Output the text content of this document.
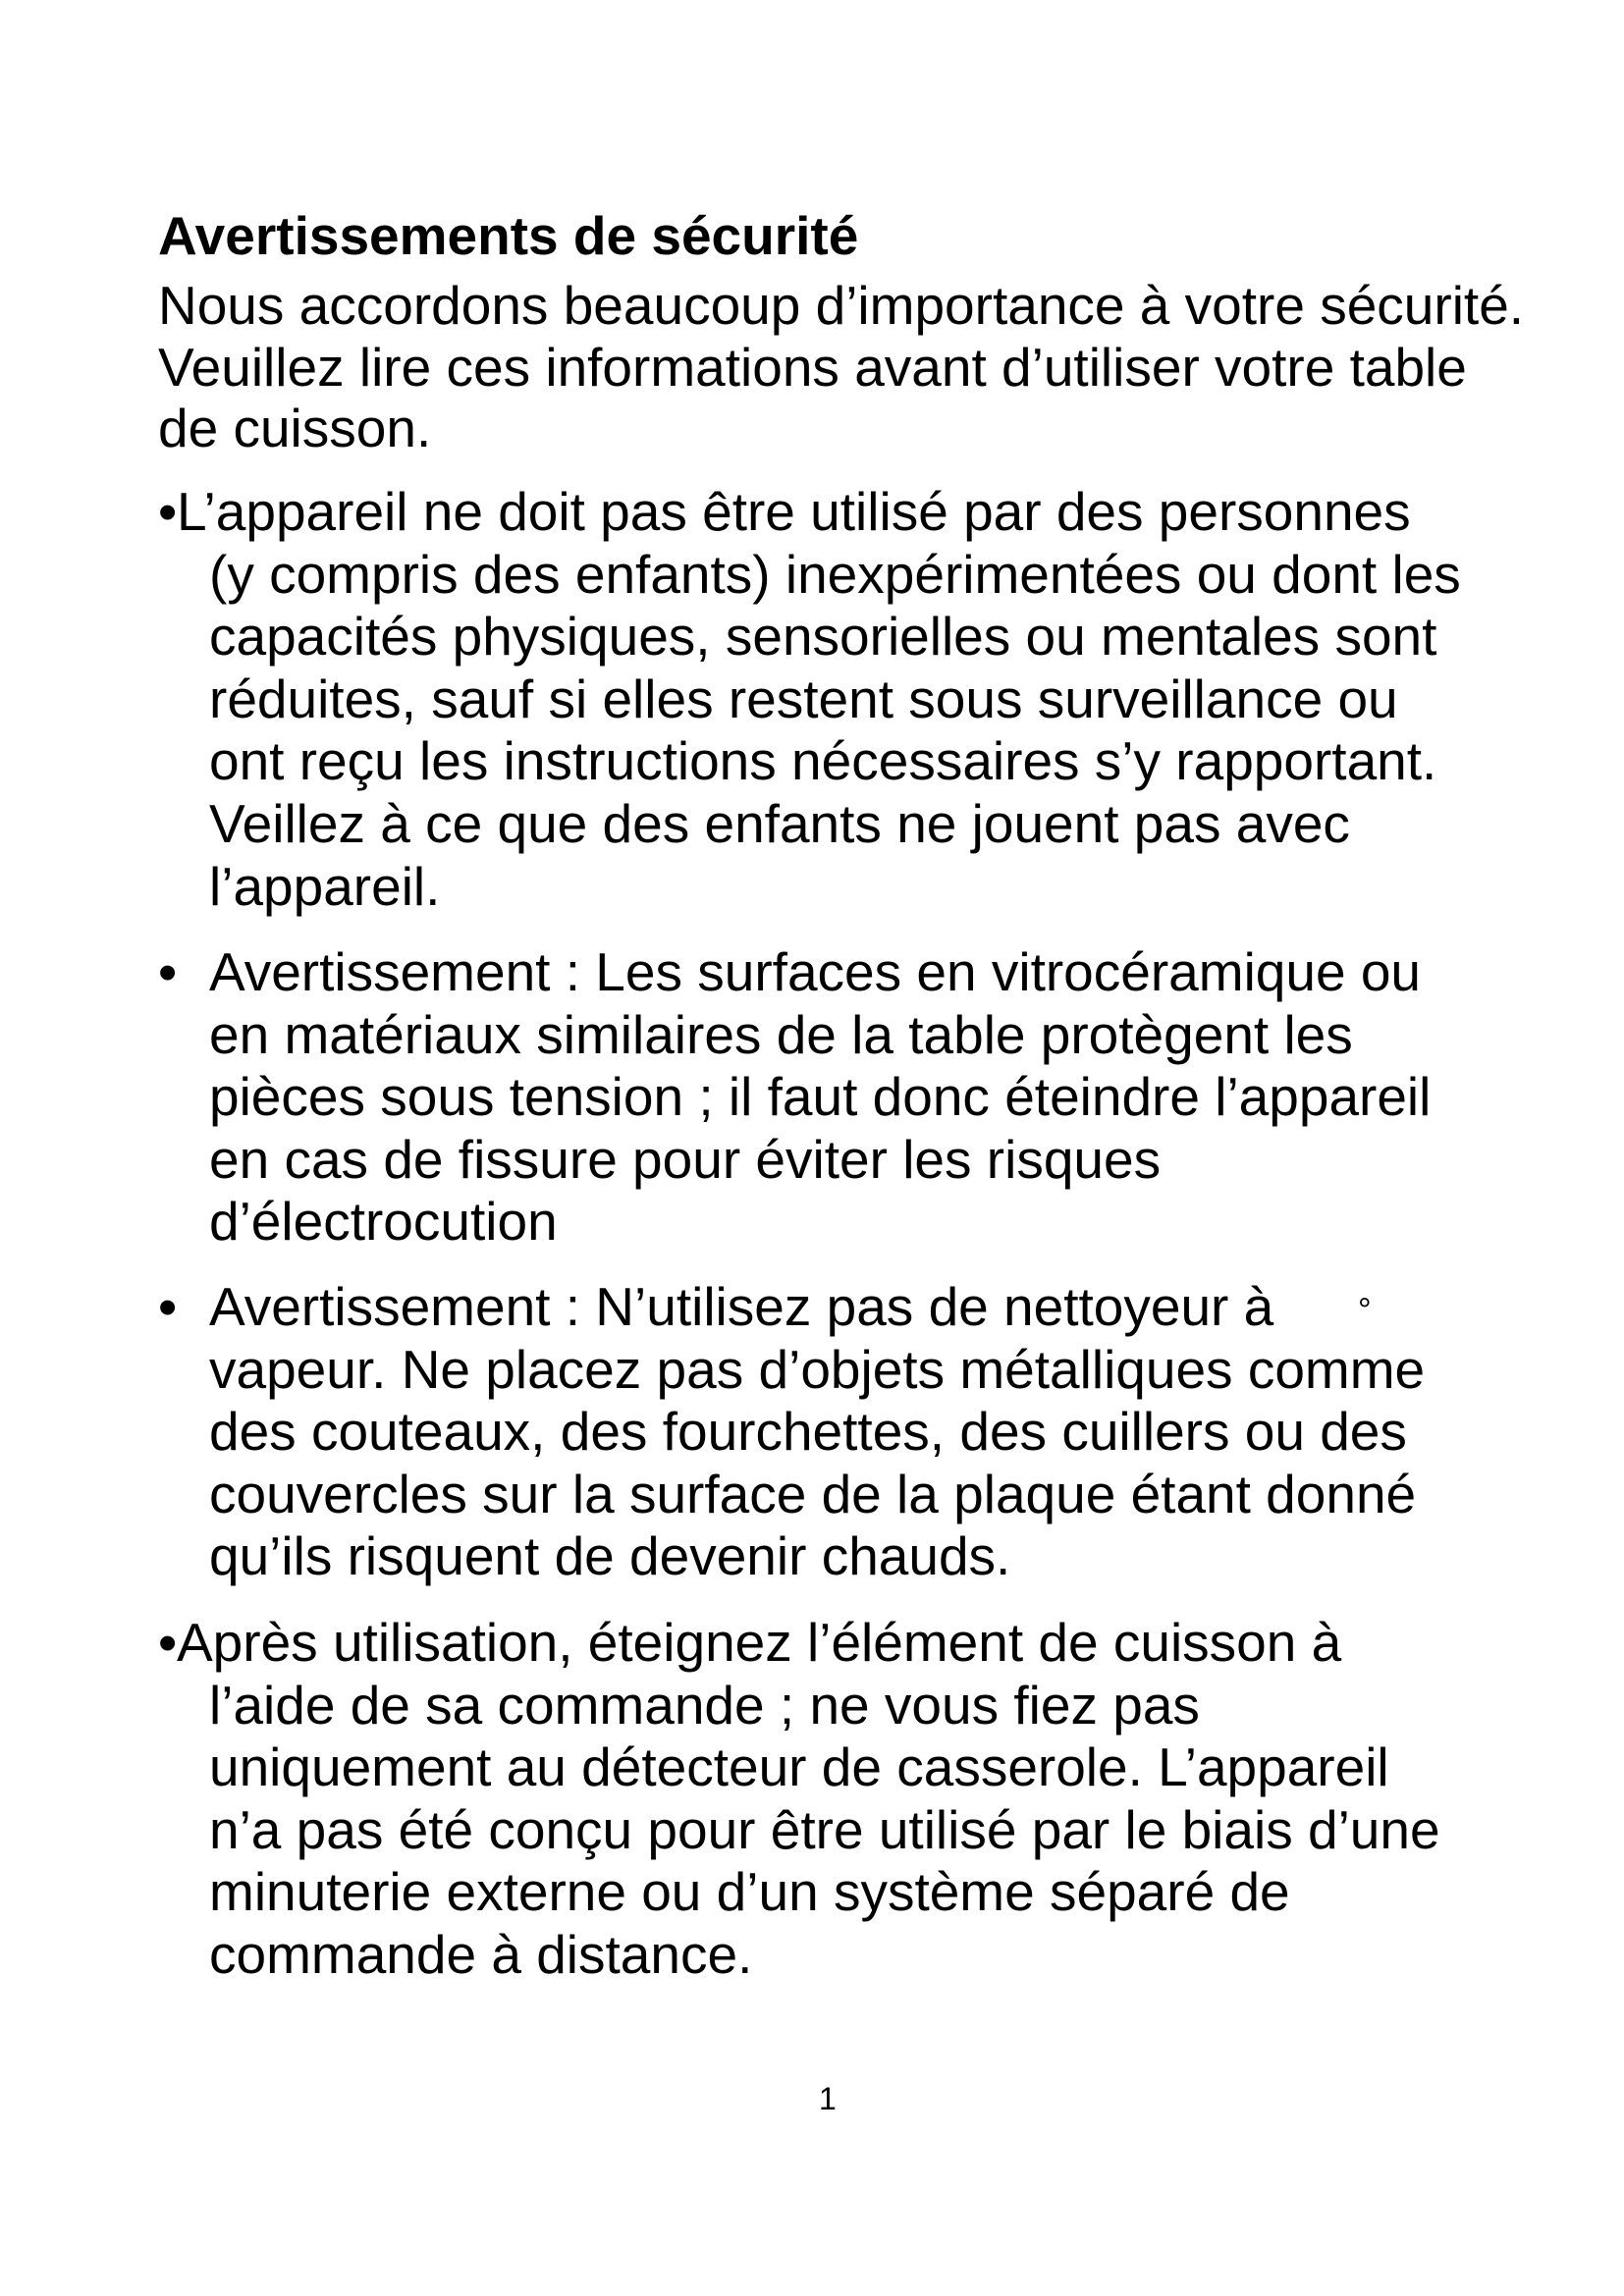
Avertissements de sécurité
Nous accordons beaucoup d’importance à votre sécurité.
Veuillez lire ces informations avant d’utiliser votre table
de cuisson.
• L’appareil ne doit pas être utilisé par des personnes
(y compris des enfants) inexpérimentées ou dont les
capacités physiques, sensorielles ou mentales sont
réduites, sauf si elles restent sous surveillance ou
ont reçu les instructions nécessaires s’y rapportant.
Veillez à ce que des enfants ne jouent pas avec
l’appareil.
• Avertissement : Les surfaces en vitrocéramique ou
en matériaux similaires de la table protègent les
pièces sous tension ; il faut donc éteindre l’appareil
en cas de fissure pour éviter les risques
d’électrocution
• Avertissement : N’utilisez pas de nettoyeur à
vapeur. Ne placez pas d’objets métalliques comme
des couteaux, des fourchettes, des cuillers ou des
couvercles sur la surface de la plaque étant donné
qu’ils risquent de devenir chauds.
°
• Après utilisation, éteignez l’élément de cuisson à
l’aide de sa commande ; ne vous fiez pas
uniquement au détecteur de casserole. L’appareil
n’a pas été conçu pour être utilisé par le biais d’une
minuterie externe ou d’un système séparé de
commande à distance.
1
